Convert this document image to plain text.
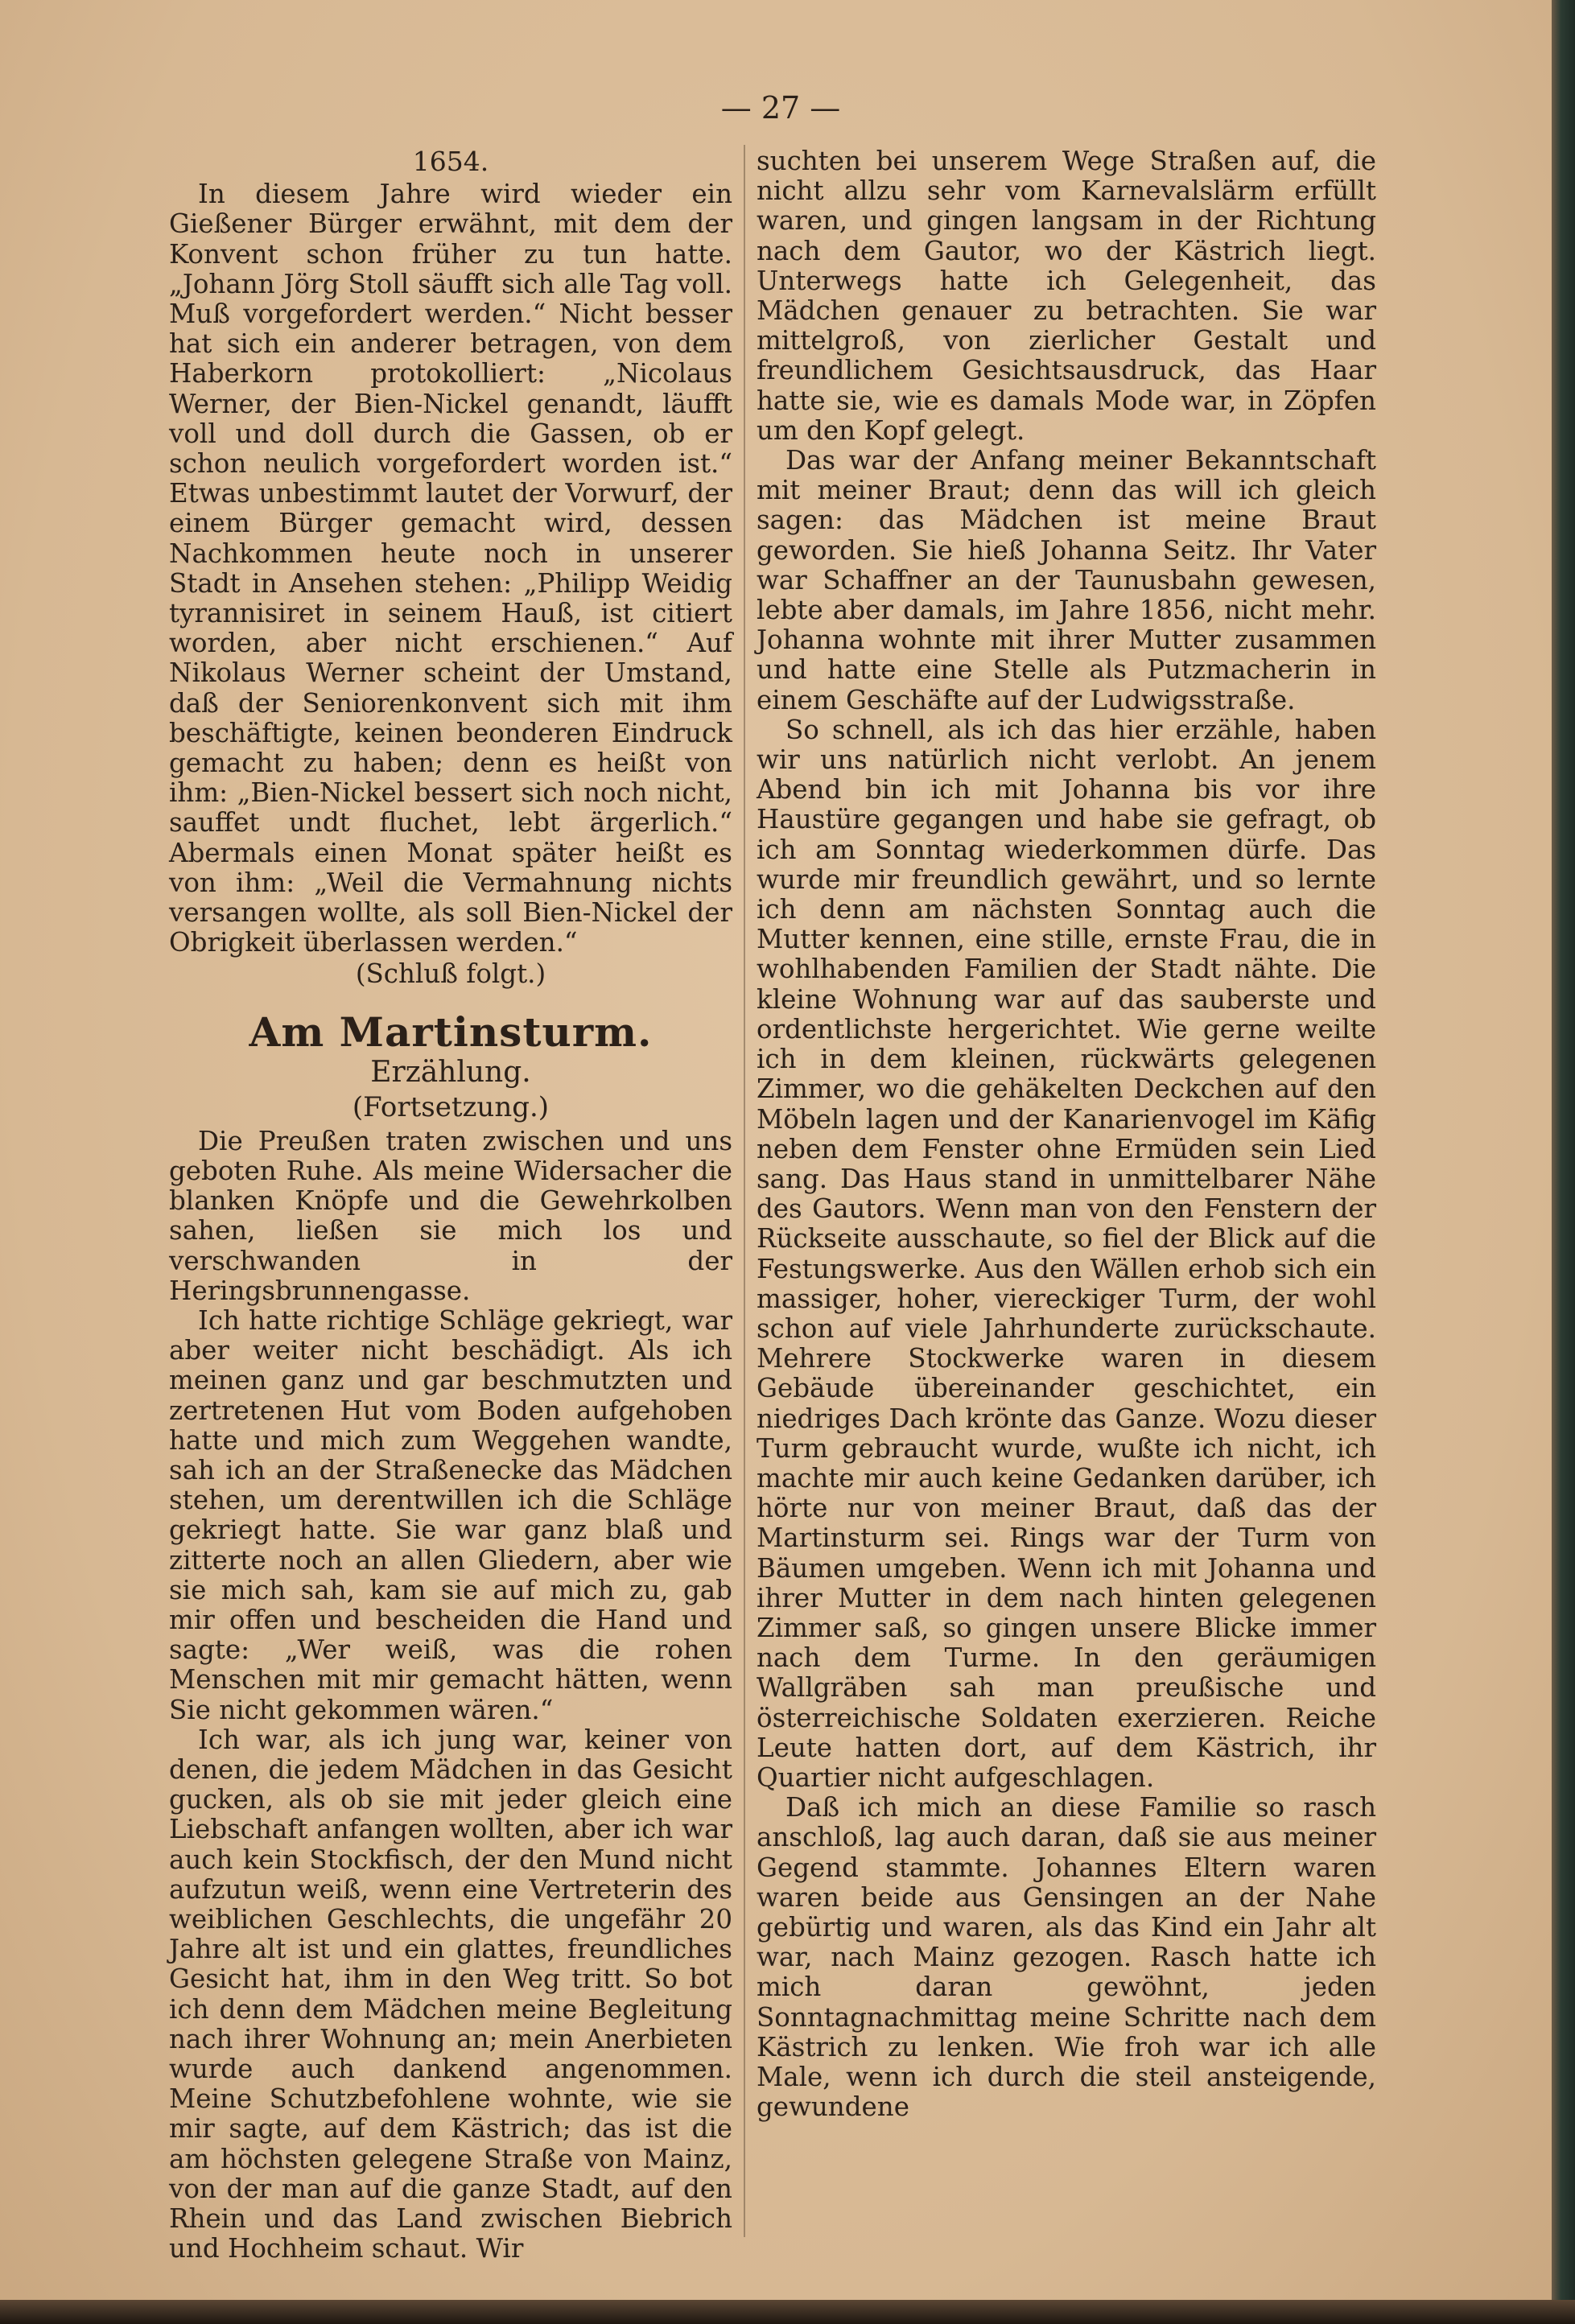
— 27 —

1654.

In diesem Jahre wird wieder ein Gießener Bürger erwähnt, mit dem der Konvent schon früher zu tun hatte. „Johann Jörg Stoll säufft sich alle Tag voll. Muß vorgefordert werden.“ Nicht besser hat sich ein anderer betragen, von dem Haberkorn protokolliert: „Nicolaus Werner, der Bien-Nickel genandt, läufft voll und doll durch die Gassen, ob er schon neulich vorgefordert worden ist.“ Etwas unbestimmt lautet der Vorwurf, der einem Bürger gemacht wird, dessen Nachkommen heute noch in unserer Stadt in Ansehen stehen: „Philipp Weidig tyrannisiret in seinem Hauß, ist citiert worden, aber nicht erschienen.“ Auf Nikolaus Werner scheint der Umstand, daß der Seniorenkonvent sich mit ihm beschäftigte, keinen beonderen Eindruck gemacht zu haben; denn es heißt von ihm: „Bien-Nickel bessert sich noch nicht, sauffet undt fluchet, lebt ärgerlich.“ Abermals einen Monat später heißt es von ihm: „Weil die Vermahnung nichts versangen wollte, als soll Bien-Nickel der Obrigkeit überlassen werden.“

(Schluß folgt.)

Am Martinsturm.

Erzählung.

(Fortsetzung.)

Die Preußen traten zwischen und uns geboten Ruhe. Als meine Widersacher die blanken Knöpfe und die Gewehrkolben sahen, ließen sie mich los und verschwanden in der Heringsbrunnengasse.

Ich hatte richtige Schläge gekriegt, war aber weiter nicht beschädigt. Als ich meinen ganz und gar beschmutzten und zertretenen Hut vom Boden aufgehoben hatte und mich zum Weggehen wandte, sah ich an der Straßenecke das Mädchen stehen, um derentwillen ich die Schläge gekriegt hatte. Sie war ganz blaß und zitterte noch an allen Gliedern, aber wie sie mich sah, kam sie auf mich zu, gab mir offen und bescheiden die Hand und sagte: „Wer weiß, was die rohen Menschen mit mir gemacht hätten, wenn Sie nicht gekommen wären.“

Ich war, als ich jung war, keiner von denen, die jedem Mädchen in das Gesicht gucken, als ob sie mit jeder gleich eine Liebschaft anfangen wollten, aber ich war auch kein Stockfisch, der den Mund nicht aufzutun weiß, wenn eine Vertreterin des weiblichen Geschlechts, die ungefähr 20 Jahre alt ist und ein glattes, freundliches Gesicht hat, ihm in den Weg tritt. So bot ich denn dem Mädchen meine Begleitung nach ihrer Wohnung an; mein Anerbieten wurde auch dankend angenommen. Meine Schutzbefohlene wohnte, wie sie mir sagte, auf dem Kästrich; das ist die am höchsten gelegene Straße von Mainz, von der man auf die ganze Stadt, auf den Rhein und das Land zwischen Biebrich und Hochheim schaut. Wir

suchten bei unserem Wege Straßen auf, die nicht allzu sehr vom Karnevalslärm erfüllt waren, und gingen langsam in der Richtung nach dem Gautor, wo der Kästrich liegt. Unterwegs hatte ich Gelegenheit, das Mädchen genauer zu betrachten. Sie war mittelgroß, von zierlicher Gestalt und freundlichem Gesichtsausdruck, das Haar hatte sie, wie es damals Mode war, in Zöpfen um den Kopf gelegt.

Das war der Anfang meiner Bekanntschaft mit meiner Braut; denn das will ich gleich sagen: das Mädchen ist meine Braut geworden. Sie hieß Johanna Seitz. Ihr Vater war Schaffner an der Taunusbahn gewesen, lebte aber damals, im Jahre 1856, nicht mehr. Johanna wohnte mit ihrer Mutter zusammen und hatte eine Stelle als Putzmacherin in einem Geschäfte auf der Ludwigsstraße.

So schnell, als ich das hier erzähle, haben wir uns natürlich nicht verlobt. An jenem Abend bin ich mit Johanna bis vor ihre Haustüre gegangen und habe sie gefragt, ob ich am Sonntag wiederkommen dürfe. Das wurde mir freundlich gewährt, und so lernte ich denn am nächsten Sonntag auch die Mutter kennen, eine stille, ernste Frau, die in wohlhabenden Familien der Stadt nähte. Die kleine Wohnung war auf das sauberste und ordentlichste hergerichtet. Wie gerne weilte ich in dem kleinen, rückwärts gelegenen Zimmer, wo die gehäkelten Deckchen auf den Möbeln lagen und der Kanarienvogel im Käfig neben dem Fenster ohne Ermüden sein Lied sang. Das Haus stand in unmittelbarer Nähe des Gautors. Wenn man von den Fenstern der Rückseite ausschaute, so fiel der Blick auf die Festungswerke. Aus den Wällen erhob sich ein massiger, hoher, viereckiger Turm, der wohl schon auf viele Jahrhunderte zurückschaute. Mehrere Stockwerke waren in diesem Gebäude übereinander geschichtet, ein niedriges Dach krönte das Ganze. Wozu dieser Turm gebraucht wurde, wußte ich nicht, ich machte mir auch keine Gedanken darüber, ich hörte nur von meiner Braut, daß das der Martinsturm sei. Rings war der Turm von Bäumen umgeben. Wenn ich mit Johanna und ihrer Mutter in dem nach hinten gelegenen Zimmer saß, so gingen unsere Blicke immer nach dem Turme. In den geräumigen Wallgräben sah man preußische und österreichische Soldaten exerzieren. Reiche Leute hatten dort, auf dem Kästrich, ihr Quartier nicht aufgeschlagen.

Daß ich mich an diese Familie so rasch anschloß, lag auch daran, daß sie aus meiner Gegend stammte. Johannes Eltern waren waren beide aus Gensingen an der Nahe gebürtig und waren, als das Kind ein Jahr alt war, nach Mainz gezogen. Rasch hatte ich mich daran gewöhnt, jeden Sonntagnachmittag meine Schritte nach dem Kästrich zu lenken. Wie froh war ich alle Male, wenn ich durch die steil ansteigende, gewundene
